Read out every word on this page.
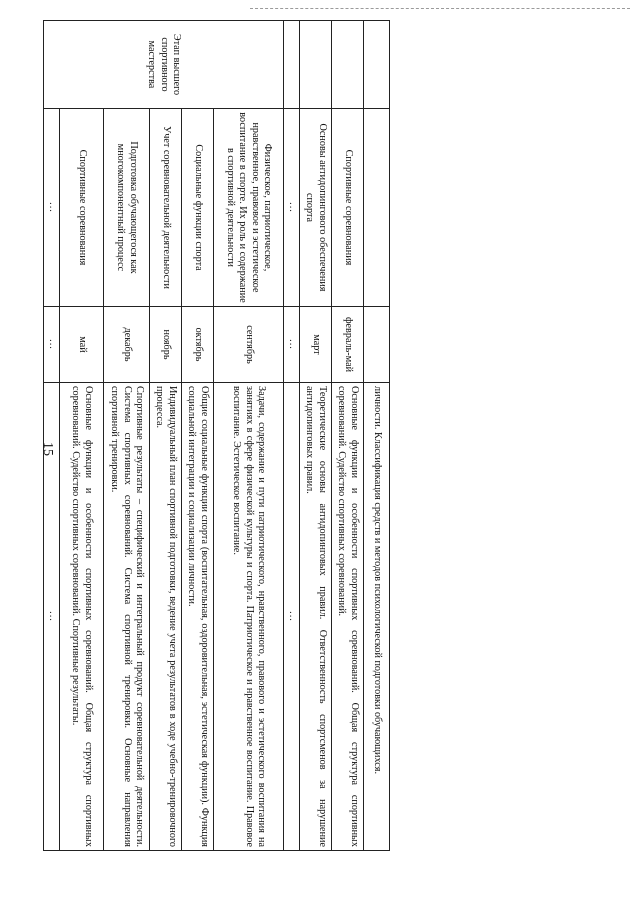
15
				личности. Классификация средств и методов психологической подготовки обучающихся.
	Спортивные соревнования	февраль-май	Основные функции и особенности спортивных соревнований. Общая структура спортивных соревнований. Судейство спортивных соревнований.
	Основы антидопингового обеспечения спорта	март	Теоретические основы антидопинговых правил. Ответственность спортсменов за нарушение антидопинговых правил.
	...	...	...
Этап высшего спортивного мастерства	Физическое, патриотическое, нравственное, правовое и эстетическое воспитание в спорте. Их роль и содержание в спортивной деятельности	сентябрь	Задачи, содержание и пути патриотического, нравственного, правового и эстетического воспитания на занятиях в сфере физической культуры и спорта. Патриотическое и нравственное воспитание. Правовое воспитание. Эстетическое воспитание.
	Социальные функции спорта	октябрь	Общие социальные функции спорта (воспитательная, оздоровительная, эстетическая функции). Функция социальной интеграции и социализации личности.
	Учет соревновательной деятельности	ноябрь	Индивидуальный план спортивной подготовки, ведение учета результатов в ходе учебно-тренировочного процесса.
	Подготовка обучающегося как многокомпонентный процесс	декабрь	Спортивные результаты – специфический и интегральный продукт соревновательной деятельности. Система спортивных соревнований. Система спортивной тренировки. Основные направления спортивной тренировки.
	Спортивные соревнования	май	Основные функции и особенности спортивных соревнований. Общая структура спортивных соревнований. Судейство спортивных соревнований. Спортивные результаты.
	...	...	...
